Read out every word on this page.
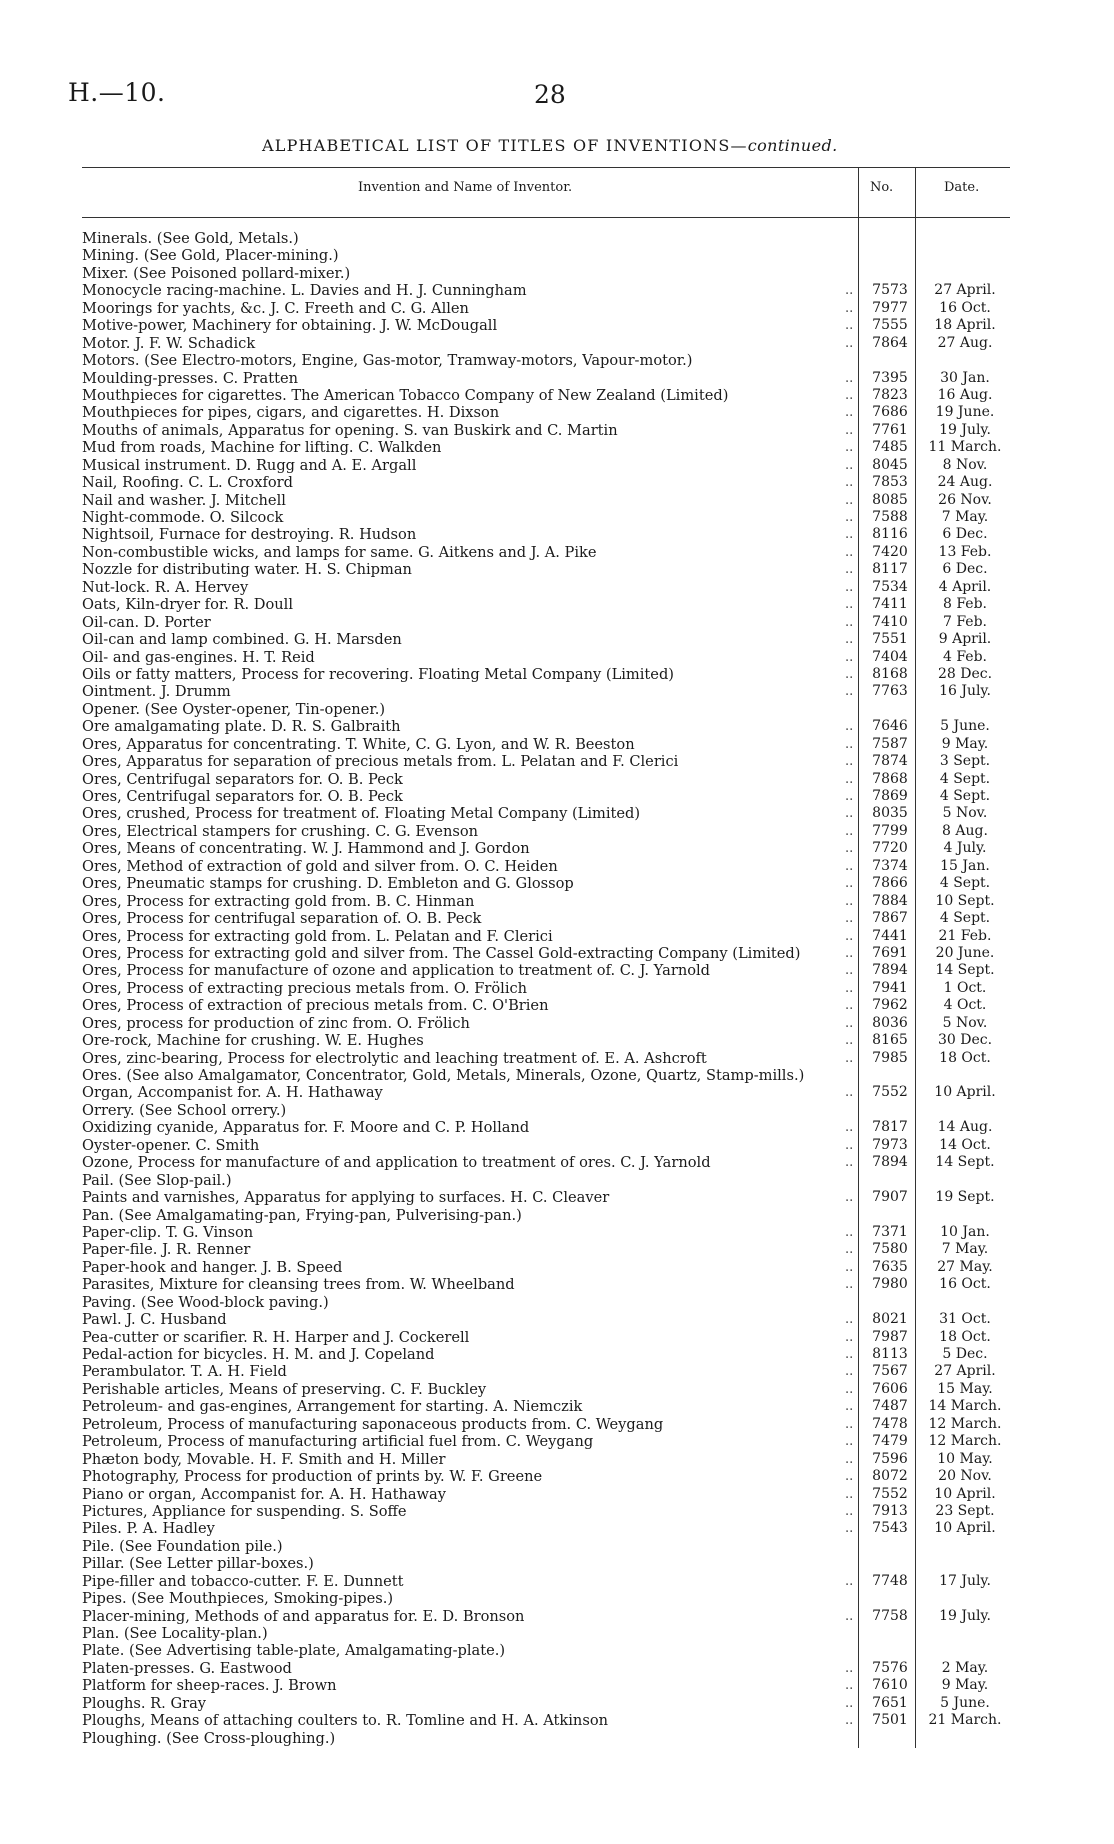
H.—10.	28
ALPHABETICAL LIST OF TITLES OF INVENTIONS—continued.
Invention and Name of Inventor.	No.	Date.
Minerals. (See Gold, Metals.)
Mining. (See Gold, Placer-mining.)
Mixer. (See Poisoned pollard-mixer.)
Monocycle racing-machine. L. Davies and H. J. Cunningham	..	7573	27 April.
Moorings for yachts, &c. J. C. Freeth and C. G. Allen	..	7977	16 Oct.
Motive-power, Machinery for obtaining. J. W. McDougall	..	7555	18 April.
Motor. J. F. W. Schadick	..	7864	27 Aug.
Motors. (See Electro-motors, Engine, Gas-motor, Tramway-motors, Vapour-motor.)
Moulding-presses. C. Pratten	..	7395	30 Jan.
Mouthpieces for cigarettes. The American Tobacco Company of New Zealand (Limited)	..	7823	16 Aug.
Mouthpieces for pipes, cigars, and cigarettes. H. Dixson	..	7686	19 June.
Mouths of animals, Apparatus for opening. S. van Buskirk and C. Martin	..	7761	19 July.
Mud from roads, Machine for lifting. C. Walkden	..	7485	11 March.
Musical instrument. D. Rugg and A. E. Argall	..	8045	8 Nov.
Nail, Roofing. C. L. Croxford	..	7853	24 Aug.
Nail and washer. J. Mitchell	..	8085	26 Nov.
Night-commode. O. Silcock	..	7588	7 May.
Nightsoil, Furnace for destroying. R. Hudson	..	8116	6 Dec.
Non-combustible wicks, and lamps for same. G. Aitkens and J. A. Pike	..	7420	13 Feb.
Nozzle for distributing water. H. S. Chipman	..	8117	6 Dec.
Nut-lock. R. A. Hervey	..	7534	4 April.
Oats, Kiln-dryer for. R. Doull	..	7411	8 Feb.
Oil-can. D. Porter	..	7410	7 Feb.
Oil-can and lamp combined. G. H. Marsden	..	7551	9 April.
Oil- and gas-engines. H. T. Reid	..	7404	4 Feb.
Oils or fatty matters, Process for recovering. Floating Metal Company (Limited)	..	8168	28 Dec.
Ointment. J. Drumm	..	7763	16 July.
Opener. (See Oyster-opener, Tin-opener.)
Ore amalgamating plate. D. R. S. Galbraith	..	7646	5 June.
Ores, Apparatus for concentrating. T. White, C. G. Lyon, and W. R. Beeston	..	7587	9 May.
Ores, Apparatus for separation of precious metals from. L. Pelatan and F. Clerici	..	7874	3 Sept.
Ores, Centrifugal separators for. O. B. Peck	..	7868	4 Sept.
Ores, Centrifugal separators for. O. B. Peck	..	7869	4 Sept.
Ores, crushed, Process for treatment of. Floating Metal Company (Limited)	..	8035	5 Nov.
Ores, Electrical stampers for crushing. C. G. Evenson	..	7799	8 Aug.
Ores, Means of concentrating. W. J. Hammond and J. Gordon	..	7720	4 July.
Ores, Method of extraction of gold and silver from. O. C. Heiden	..	7374	15 Jan.
Ores, Pneumatic stamps for crushing. D. Embleton and G. Glossop	..	7866	4 Sept.
Ores, Process for extracting gold from. B. C. Hinman	..	7884	10 Sept.
Ores, Process for centrifugal separation of. O. B. Peck	..	7867	4 Sept.
Ores, Process for extracting gold from. L. Pelatan and F. Clerici	..	7441	21 Feb.
Ores, Process for extracting gold and silver from. The Cassel Gold-extracting Company (Limited)	..	7691	20 June.
Ores, Process for manufacture of ozone and application to treatment of. C. J. Yarnold	..	7894	14 Sept.
Ores, Process of extracting precious metals from. O. Frölich	..	7941	1 Oct.
Ores, Process of extraction of precious metals from. C. O'Brien	..	7962	4 Oct.
Ores, process for production of zinc from. O. Frölich	..	8036	5 Nov.
Ore-rock, Machine for crushing. W. E. Hughes	..	8165	30 Dec.
Ores, zinc-bearing, Process for electrolytic and leaching treatment of. E. A. Ashcroft	..	7985	18 Oct.
Ores. (See also Amalgamator, Concentrator, Gold, Metals, Minerals, Ozone, Quartz, Stamp-mills.)
Organ, Accompanist for. A. H. Hathaway	..	7552	10 April.
Orrery. (See School orrery.)
Oxidizing cyanide, Apparatus for. F. Moore and C. P. Holland	..	7817	14 Aug.
Oyster-opener. C. Smith	..	7973	14 Oct.
Ozone, Process for manufacture of and application to treatment of ores. C. J. Yarnold	..	7894	14 Sept.
Pail. (See Slop-pail.)
Paints and varnishes, Apparatus for applying to surfaces. H. C. Cleaver	..	7907	19 Sept.
Pan. (See Amalgamating-pan, Frying-pan, Pulverising-pan.)
Paper-clip. T. G. Vinson	..	7371	10 Jan.
Paper-file. J. R. Renner	..	7580	7 May.
Paper-hook and hanger. J. B. Speed	..	7635	27 May.
Parasites, Mixture for cleansing trees from. W. Wheelband	..	7980	16 Oct.
Paving. (See Wood-block paving.)
Pawl. J. C. Husband	..	8021	31 Oct.
Pea-cutter or scarifier. R. H. Harper and J. Cockerell	..	7987	18 Oct.
Pedal-action for bicycles. H. M. and J. Copeland	..	8113	5 Dec.
Perambulator. T. A. H. Field	..	7567	27 April.
Perishable articles, Means of preserving. C. F. Buckley	..	7606	15 May.
Petroleum- and gas-engines, Arrangement for starting. A. Niemczik	..	7487	14 March.
Petroleum, Process of manufacturing saponaceous products from. C. Weygang	..	7478	12 March.
Petroleum, Process of manufacturing artificial fuel from. C. Weygang	..	7479	12 March.
Phæton body, Movable. H. F. Smith and H. Miller	..	7596	10 May.
Photography, Process for production of prints by. W. F. Greene	..	8072	20 Nov.
Piano or organ, Accompanist for. A. H. Hathaway	..	7552	10 April.
Pictures, Appliance for suspending. S. Soffe	..	7913	23 Sept.
Piles. P. A. Hadley	..	7543	10 April.
Pile. (See Foundation pile.)
Pillar. (See Letter pillar-boxes.)
Pipe-filler and tobacco-cutter. F. E. Dunnett	..	7748	17 July.
Pipes. (See Mouthpieces, Smoking-pipes.)
Placer-mining, Methods of and apparatus for. E. D. Bronson	..	7758	19 July.
Plan. (See Locality-plan.)
Plate. (See Advertising table-plate, Amalgamating-plate.)
Platen-presses. G. Eastwood	..	7576	2 May.
Platform for sheep-races. J. Brown	..	7610	9 May.
Ploughs. R. Gray	..	7651	5 June.
Ploughs, Means of attaching coulters to. R. Tomline and H. A. Atkinson	..	7501	21 March.
Ploughing. (See Cross-ploughing.)
